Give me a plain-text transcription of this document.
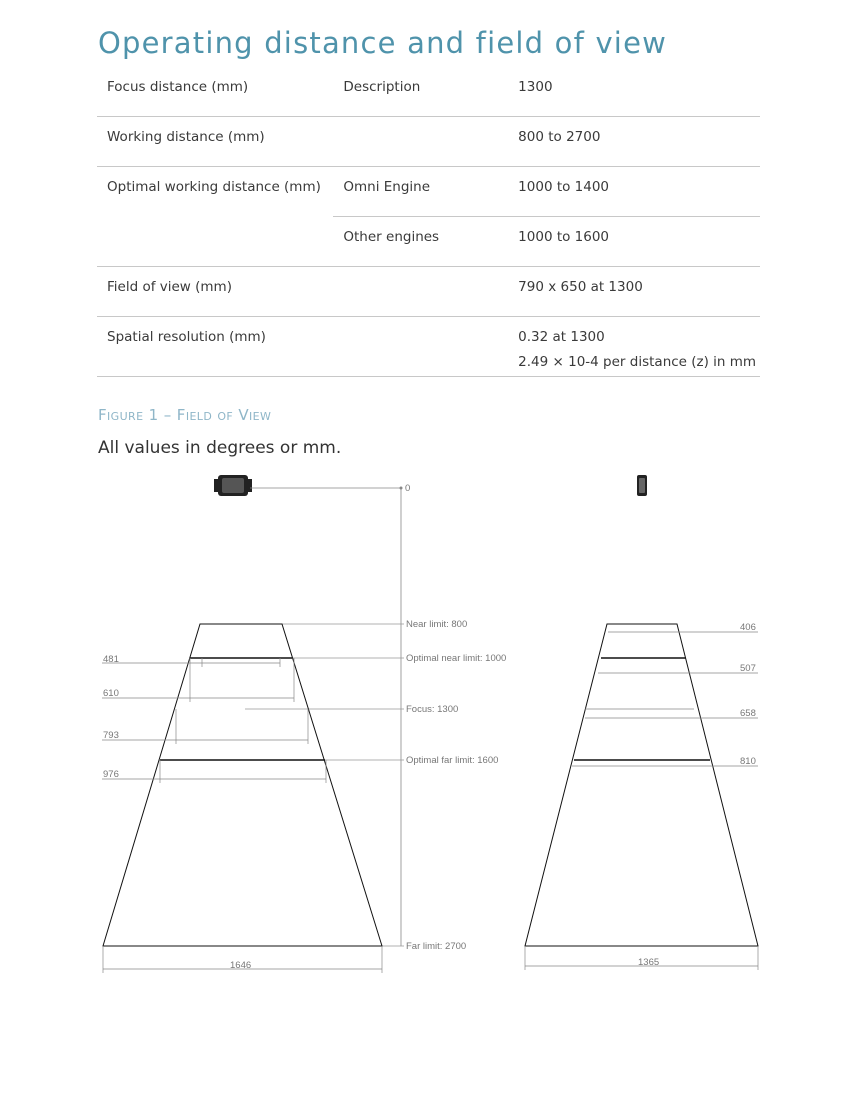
Operating distance and field of view
Focus distance (mm)	Description	1300
Working distance (mm)		800 to 2700
Optimal working distance (mm)	Omni Engine	1000 to 1400
	Other engines	1000 to 1600
Field of view (mm)		790 x 650 at 1300
Spatial resolution (mm)		0.32 at 1300
2.49 × 10-4 per distance (z) in mm
Figure 1 – Field of View
All values in degrees or mm.
0
Near limit: 800
Optimal near limit: 1000
Focus: 1300
Optimal far limit: 1600
Far limit: 2700
481
610
793
976
1646
406
507
658
810
1365
